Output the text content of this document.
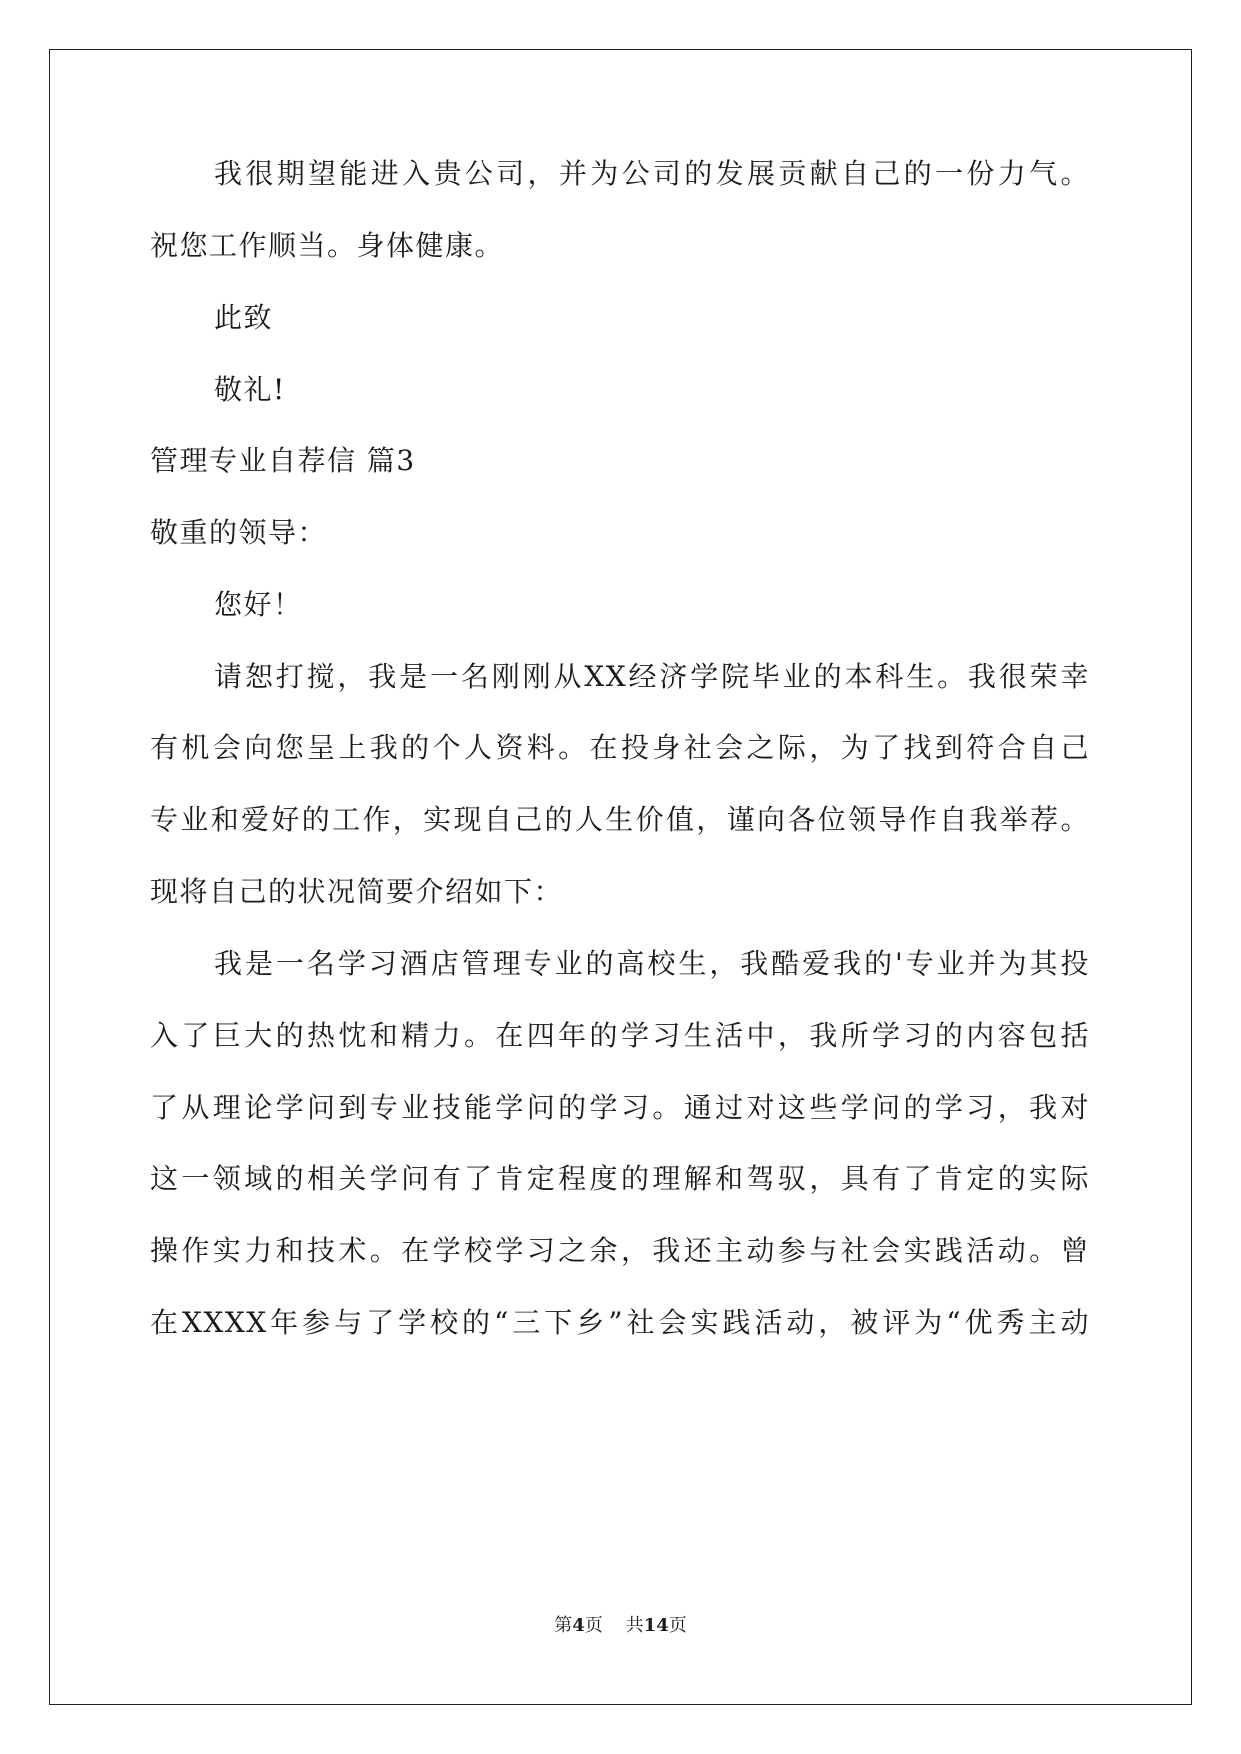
我很期望能进入贵公司，并为公司的发展贡献自己的一份力气。
祝您工作顺当。身体健康。
此致
敬礼!
管理专业自荐信 篇3
敬重的领导：
您好！
请恕打搅，我是一名刚刚从XX经济学院毕业的本科生。我很荣幸
有机会向您呈上我的个人资料。在投身社会之际，为了找到符合自己
专业和爱好的工作，实现自己的人生价值，谨向各位领导作自我举荐。
现将自己的状况简要介绍如下：
我是一名学习酒店管理专业的高校生，我酷爱我的'专业并为其投
入了巨大的热忱和精力。在四年的学习生活中，我所学习的内容包括
了从理论学问到专业技能学问的学习。通过对这些学问的学习，我对
这一领域的相关学问有了肯定程度的理解和驾驭，具有了肯定的实际
操作实力和技术。在学校学习之余，我还主动参与社会实践活动。曾
在XXXX年参与了学校的“三下乡”社会实践活动，被评为“优秀主动
第4页 共14页
